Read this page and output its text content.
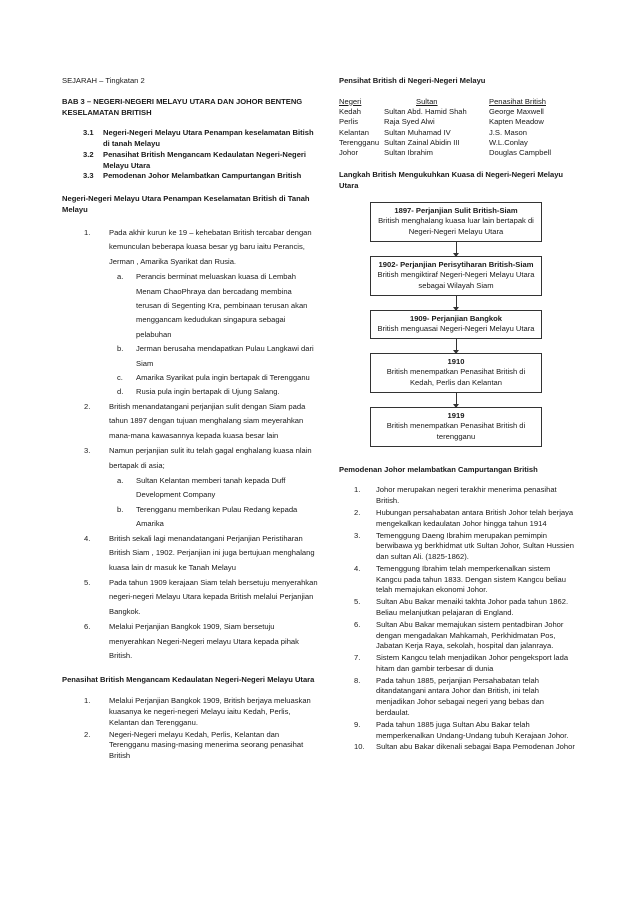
SEJARAH – Tingkatan 2
BAB 3 – NEGERI-NEGERI MELAYU UTARA DAN JOHOR BENTENG KESELAMATAN BRITISH
3.1	Negeri-Negeri Melayu Utara Penampan keselamatan Bitish di tanah Melayu
3.2	Penasihat British Mengancam Kedaulatan Negeri-Negeri Melayu Utara
3.3	Pemodenan Johor Melambatkan Campurtangan British
Negeri-Negeri Melayu Utara Penampan Keselamatan British di Tanah Melayu
1.	Pada akhir kurun ke 19 – kehebatan British tercabar dengan kemunculan beberapa kuasa besar yg baru iaitu Perancis, Jerman , Amarika Syarikat dan Rusia.
a.	Perancis berminat meluaskan kuasa di Lembah Menam ChaoPhraya dan bercadang membina terusan di Segenting Kra, pembinaan terusan akan menggancam kedudukan singapura sebagai pelabuhan
b.	Jerman berusaha mendapatkan Pulau Langkawi dari Siam
c.	Amarika Syarikat pula ingin bertapak di Terengganu
d.	Rusia pula ingin bertapak di Ujung Salang.
2.	British menandatangani perjanjian sulit dengan Siam pada tahun 1897 dengan tujuan menghalang siam meyerahkan mana-mana kawasannya kepada kuasa besar lain
3.	Namun perjanjian sulit itu telah gagal enghalang kuasa nlain bertapak di asia;
a.	Sultan Kelantan memberi tanah kepada Duff Development Company
b.	Terengganu memberikan Pulau Redang kepada Amarika
4.	British sekali lagi menandatangani Perjanjian Peristiharan British Siam , 1902. Perjanjian ini juga bertujuan menghalang kuasa lain dr masuk ke Tanah Melayu
5.	Pada tahun 1909 kerajaan Siam telah bersetuju menyerahkan negeri-negeri Melayu Utara kepada British melalui Perjanjian Bangkok.
6.	Melalui Perjanjian Bangkok 1909, Siam bersetuju menyerahkan Negeri-Negeri melayu Utara kepada pihak British.
Penasihat British Mengancam Kedaulatan Negeri-Negeri Melayu Utara
1.	Melalui Perjanjian Bangkok 1909, British berjaya meluaskan kuasanya ke negeri-negeri Melayu iaitu Kedah, Perlis, Kelantan dan Terengganu.
2.	Negeri-Negeri melayu Kedah, Perlis, Kelantan dan Terengganu masing-masing menerima seorang penasihat British
Pensihat British di Negeri-Negeri Melayu
Negeri	Sultan	Penasihat British
Kedah	Sultan Abd. Hamid Shah	George Maxwell
Perlis	Raja Syed Alwi	Kapten Meadow
Kelantan	Sultan Muhamad IV	J.S. Mason
Terengganu	Sultan Zainal Abidin III	W.L.Conlay
Johor	Sultan Ibrahim	Douglas Campbell
Langkah British Mengukuhkan Kuasa di Negeri-Negeri Melayu Utara
1897- Perjanjian Sulit British-Siam
British menghalang kuasa luar lain bertapak di Negeri-Negeri Melayu Utara
1902- Perjanjian Perisytiharan British-Siam
British mengiktiraf Negeri-Negeri Melayu Utara sebagai Wilayah Siam
1909- Perjanjian Bangkok
British menguasai Negeri-Negeri Melayu Utara
1910
British menempatkan Penasihat British di Kedah, Perlis dan Kelantan
1919
British menempatkan Penasihat British di terengganu
Pemodenan Johor melambatkan Campurtangan British
1.	Johor merupakan negeri terakhir menerima penasihat British.
2.	Hubungan persahabatan antara British Johor telah berjaya mengekalkan kedaulatan Johor hingga tahun 1914
3.	Temenggung Daeng Ibrahim merupakan pemimpin berwibawa yg berkhidmat utk Sultan Johor, Sultan Hussien dan sultan Ali. (1825-1862).
4.	Temenggung Ibrahim telah memperkenalkan sistem Kangcu pada tahun 1833. Dengan sistem Kangcu beliau telah memajukan ekonomi Johor.
5.	Sultan Abu Bakar menaiki takhta Johor pada tahun 1862. Beliau melanjutkan pelajaran di England.
6.	Sultan Abu Bakar memajukan sistem pentadbiran Johor dengan mengadakan Mahkamah, Perkhidmatan Pos, Jabatan Kerja Raya, sekolah, hospital dan jalanraya.
7.	Sistem Kangcu telah menjadikan Johor pengeksport lada hitam dan gambir terbesar di dunia
8.	Pada tahun 1885, perjanjian Persahabatan telah ditandatangani antara Johor dan British, ini telah menjadikan Johor sebagai negeri yang bebas dan berdaulat.
9.	Pada tahun 1885 juga Sultan Abu Bakar telah memperkenalkan Undang-Undang tubuh Kerajaan Johor.
10.	Sultan abu Bakar dikenali sebagai Bapa Pemodenan Johor
